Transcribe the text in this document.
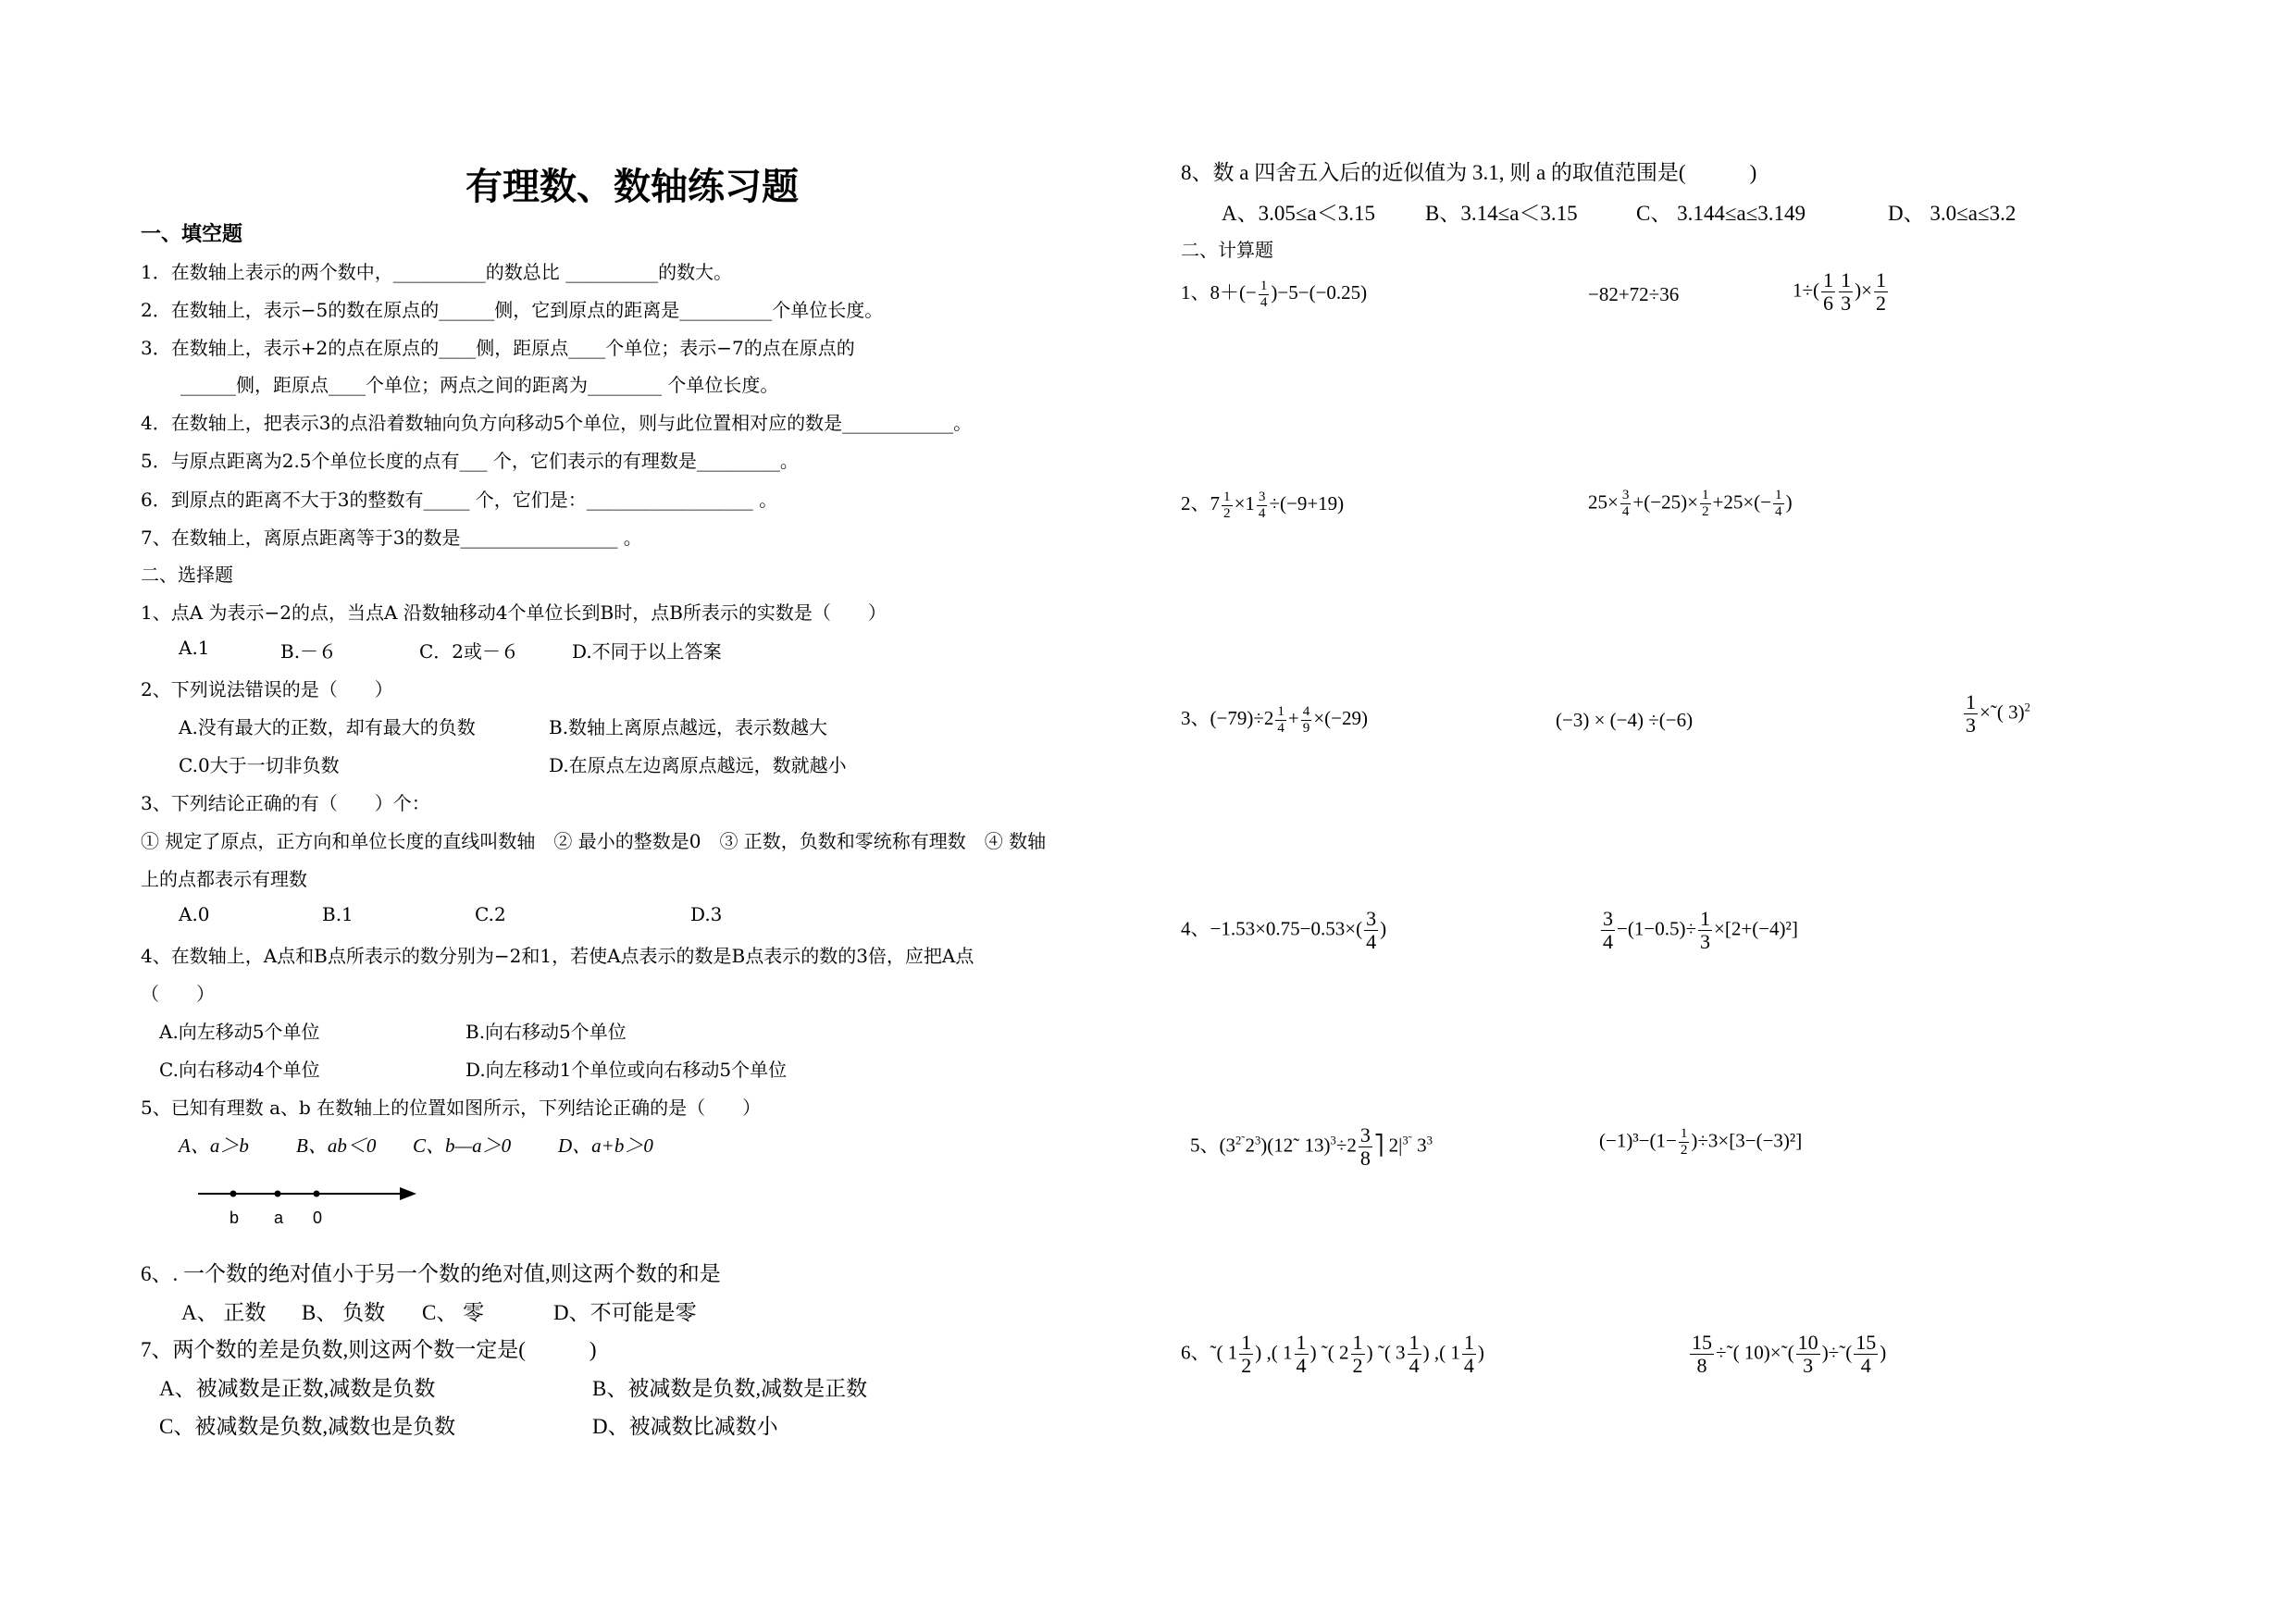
有理数、数轴练习题
一、填空题
1．在数轴上表示的两个数中，__________的数总比 __________的数大。
2．在数轴上，表示−5的数在原点的______侧，它到原点的距离是__________个单位长度。
3．在数轴上，表示+2的点在原点的____侧，距原点____个单位；表示−7的点在原点的
______侧，距原点____个单位；两点之间的距离为________ 个单位长度。
4．在数轴上，把表示3的点沿着数轴向负方向移动5个单位，则与此位置相对应的数是____________。
5．与原点距离为2.5个单位长度的点有___ 个，它们表示的有理数是_________。
6．到原点的距离不大于3的整数有_____ 个，它们是：__________________ 。
7、在数轴上，离原点距离等于3的数是_________________ 。
二、选择题
1、点A 为表示−2的点，当点A 沿数轴移动4个单位长到B时，点B所表示的实数是（　　）
A.1	B.－６	C．2或－６	D.不同于以上答案
2、下列说法错误的是（　　）
A.没有最大的正数，却有最大的负数	B.数轴上离原点越远，表示数越大
C.0大于一切非负数	D.在原点左边离原点越远，数就越小
3、下列结论正确的有（　　）个：
① 规定了原点，正方向和单位长度的直线叫数轴　② 最小的整数是0　③ 正数，负数和零统称有理数　④ 数轴
上的点都表示有理数
A.0	B.1	C.2	D.3
4、在数轴上，A点和B点所表示的数分别为−2和1，若使A点表示的数是B点表示的数的3倍，应把A点
（　　）
A.向左移动5个单位	B.向右移动5个单位
C.向右移动4个单位	D.向左移动1个单位或向右移动5个单位
5、已知有理数 a、b 在数轴上的位置如图所示，下列结论正确的是（　　）
A、a＞b B、ab＜0 C、b—a＞0 D、a+b＞0
b a 0
6、. 一个数的绝对值小于另一个数的绝对值,则这两个数的和是
A、 正数 B、 负数 C、 零	D、不可能是零
7、两个数的差是负数,则这两个数一定是(　　　)
A、被减数是正数,减数是负数	B、被减数是负数,减数是正数
C、被减数是负数,减数也是负数	D、被减数比减数小
8、数 a 四舍五入后的近似值为 3.1, 则 a 的取值范围是(　　　)
A、3.05≤a＜3.15 B、3.14≤a＜3.15	C、 3.144≤a≤3.149	D、 3.0≤a≤3.2
二、计算题
1、$8+(- \frac{1}{4} )-5-(-0.25)$	−82+72÷36	$1\div( \frac{1}{6} \frac{1}{3}$ )× $\frac{1}{2}$
2、$7 \frac{1}{2} \times 1 \frac{3}{4} \div(-9+19)$	$25\times \frac{3}{4} +(-25)\times \frac{1}{2} +25\times(- \frac{1}{4}$ )
3、$(-79)\div 2 \frac{1}{4} + \frac{4}{9} \times(-29)$	(−3) × (−4) ÷(−6)	$\frac{1}{3}$ ×˜( 3)$^2$
4、$-1.53\times 0.75-0.53\times( \frac{3}{4}$ )	$\frac{3}{4} -(1-0.5)\div \frac{1}{3} \times[2+(-4)^2]$
5、$(3^{2˜}2^3)(12˜$ $13)^3\div 2 \frac{3}{8}$ ⎤ $2|^{3˜}$ $3^3$	$(-1)^3-(1- \frac{1}{2} )\div 3\times[3-(-3)^2]$
6、˜( $1 \frac{1}{2}$ ) ,( $1 \frac{1}{4}$ ) ˜( $2 \frac{1}{2}$ ) ˜( $3 \frac{1}{4}$ ) ,( $1 \frac{1}{4}$ )	$\frac{15}{8}$ ÷˜( 10)×˜( $\frac{10}{3}$ )÷˜( $\frac{15}{4}$ )
